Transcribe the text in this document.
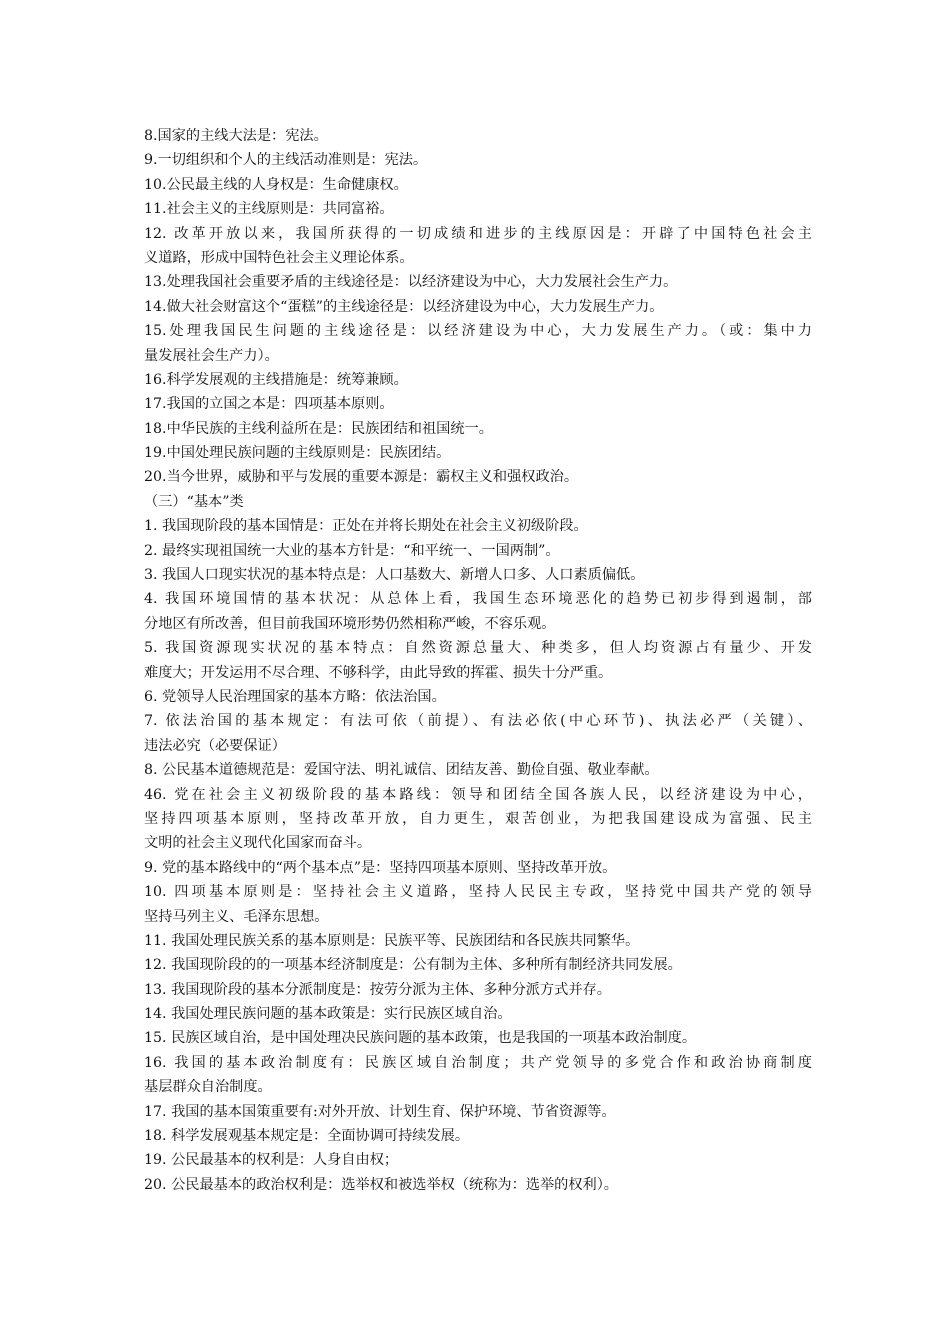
8.国家的主线大法是：宪法。
9.一切组织和个人的主线活动准则是：宪法。
10.公民最主线的人身权是：生命健康权。
11.社会主义的主线原则是：共同富裕。
12. 改革开放以来，我国所获得的一切成绩和进步的主线原因是：开辟了中国特色社会主
义道路，形成中国特色社会主义理论体系。
13.处理我国社会重要矛盾的主线途径是：以经济建设为中心，大力发展社会生产力。
14.做大社会财富这个“蛋糕”的主线途径是：以经济建设为中心，大力发展生产力。
15.处理我国民生问题的主线途径是：以经济建设为中心，大力发展生产力。（或：集中力
量发展社会生产力）。
16.科学发展观的主线措施是：统筹兼顾。
17.我国的立国之本是：四项基本原则。
18.中华民族的主线利益所在是：民族团结和祖国统一。
19.中国处理民族问题的主线原则是：民族团结。
20.当今世界，威胁和平与发展的重要本源是：霸权主义和强权政治。
（三）“基本”类
1. 我国现阶段的基本国情是：正处在并将长期处在社会主义初级阶段。
2. 最终实现祖国统一大业的基本方针是：“和平统一、一国两制”。
3. 我国人口现实状况的基本特点是：人口基数大、新增人口多、人口素质偏低。
4. 我国环境国情的基本状况：从总体上看，我国生态环境恶化的趋势已初步得到遏制，部
分地区有所改善，但目前我国环境形势仍然相称严峻，不容乐观。
5. 我国资源现实状况的基本特点：自然资源总量大、种类多，但人均资源占有量少、开发
难度大；开发运用不尽合理、不够科学，由此导致的挥霍、损失十分严重。
6. 党领导人民治理国家的基本方略：依法治国。
7. 依法治国的基本规定：有法可依（前提）、有法必依(中心环节)、执法必严（关键）、
违法必究（必要保证）
8. 公民基本道德规范是：爱国守法、明礼诚信、团结友善、勤俭自强、敬业奉献。
46. 党在社会主义初级阶段的基本路线：领导和团结全国各族人民，以经济建设为中心，
坚持四项基本原则，坚持改革开放，自力更生，艰苦创业，为把我国建设成为富强、民主
文明的社会主义现代化国家而奋斗。
9. 党的基本路线中的“两个基本点”是：坚持四项基本原则、坚持改革开放。
10. 四项基本原则是：坚持社会主义道路，坚持人民民主专政，坚持党中国共产党的领导
坚持马列主义、毛泽东思想。
11. 我国处理民族关系的基本原则是：民族平等、民族团结和各民族共同繁华。
12. 我国现阶段的的一项基本经济制度是：公有制为主体、多种所有制经济共同发展。
13. 我国现阶段的基本分派制度是：按劳分派为主体、多种分派方式并存。
14. 我国处理民族问题的基本政策是：实行民族区域自治。
15. 民族区域自治，是中国处理决民族问题的基本政策，也是我国的一项基本政治制度。
16. 我国的基本政治制度有：民族区域自治制度；共产党领导的多党合作和政治协商制度
基层群众自治制度。
17. 我国的基本国策重要有:对外开放、计划生育、保护环境、节省资源等。
18. 科学发展观基本规定是：全面协调可持续发展。
19. 公民最基本的权利是：人身自由权；
20. 公民最基本的政治权利是：选举权和被选举权（统称为：选举的权利）。
